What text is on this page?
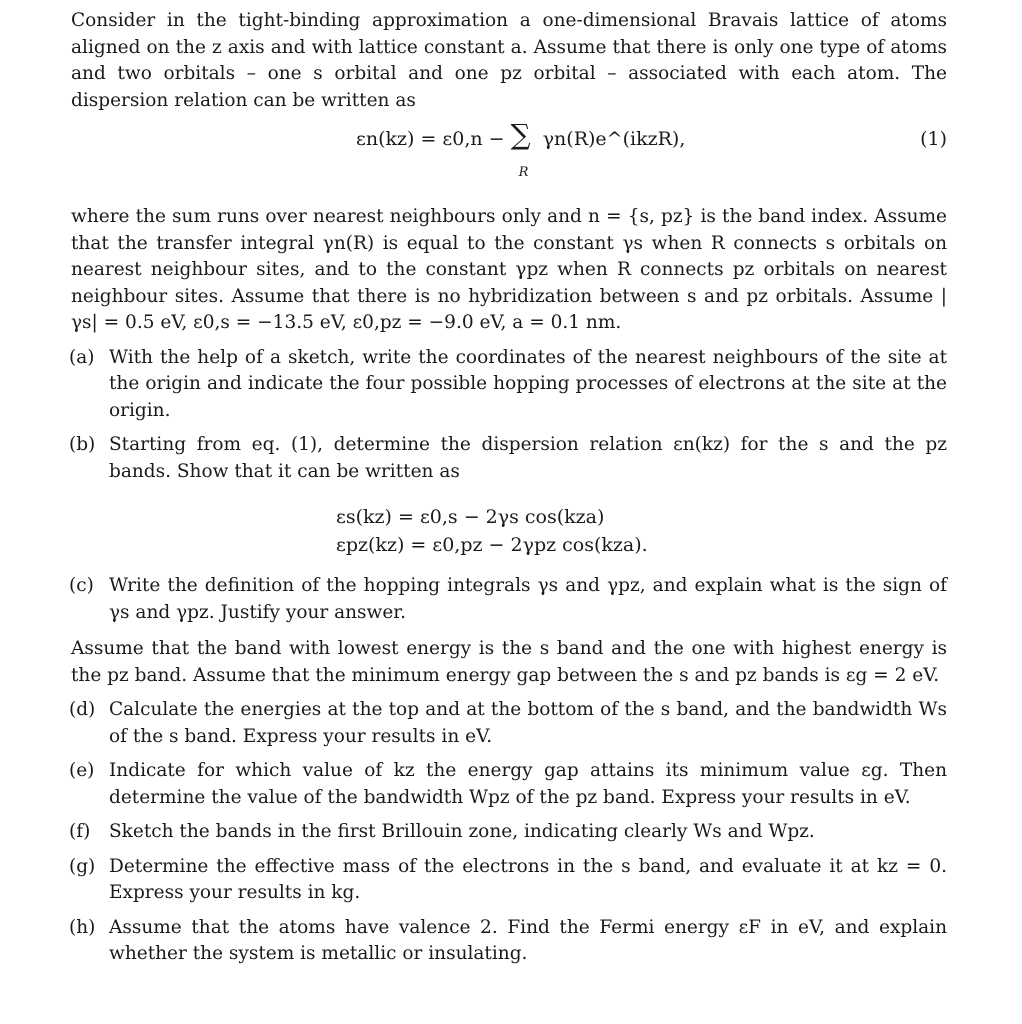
Consider in the tight-binding approximation a one-dimensional Bravais lattice of atoms aligned on the z axis and with lattice constant a. Assume that there is only one type of atoms and two orbitals – one s orbital and one pz orbital – associated with each atom. The dispersion relation can be written as

εn(kz) = ε0,n − ∑
R
γn(R)e^(ikzR),	(1)

where the sum runs over nearest neighbours only and n = {s, pz} is the band index. Assume that the transfer integral γn(R) is equal to the constant γs when R connects s orbitals on nearest neighbour sites, and to the constant γpz when R connects pz orbitals on nearest neighbour sites. Assume that there is no hybridization between s and pz orbitals. Assume |γs| = 0.5 eV, ε0,s = −13.5 eV, ε0,pz = −9.0 eV, a = 0.1 nm.

(a) With the help of a sketch, write the coordinates of the nearest neighbours of the site at the origin and indicate the four possible hopping processes of electrons at the site at the origin.

(b) Starting from eq. (1), determine the dispersion relation εn(kz) for the s and the pz bands. Show that it can be written as

εs(kz) = ε0,s − 2γs cos(kza)
εpz(kz) = ε0,pz − 2γpz cos(kza).
(c) Write the definition of the hopping integrals γs and γpz, and explain what is the sign of γs and γpz. Justify your answer.

Assume that the band with lowest energy is the s band and the one with highest energy is the pz band. Assume that the minimum energy gap between the s and pz bands is εg = 2 eV.

(d) Calculate the energies at the top and at the bottom of the s band, and the bandwidth Ws of the s band. Express your results in eV.

(e) Indicate for which value of kz the energy gap attains its minimum value εg. Then determine the value of the bandwidth Wpz of the pz band. Express your results in eV.

(f) Sketch the bands in the first Brillouin zone, indicating clearly Ws and Wpz.

(g) Determine the effective mass of the electrons in the s band, and evaluate it at kz = 0. Express your results in kg.

(h) Assume that the atoms have valence 2. Find the Fermi energy εF in eV, and explain whether the system is metallic or insulating.
